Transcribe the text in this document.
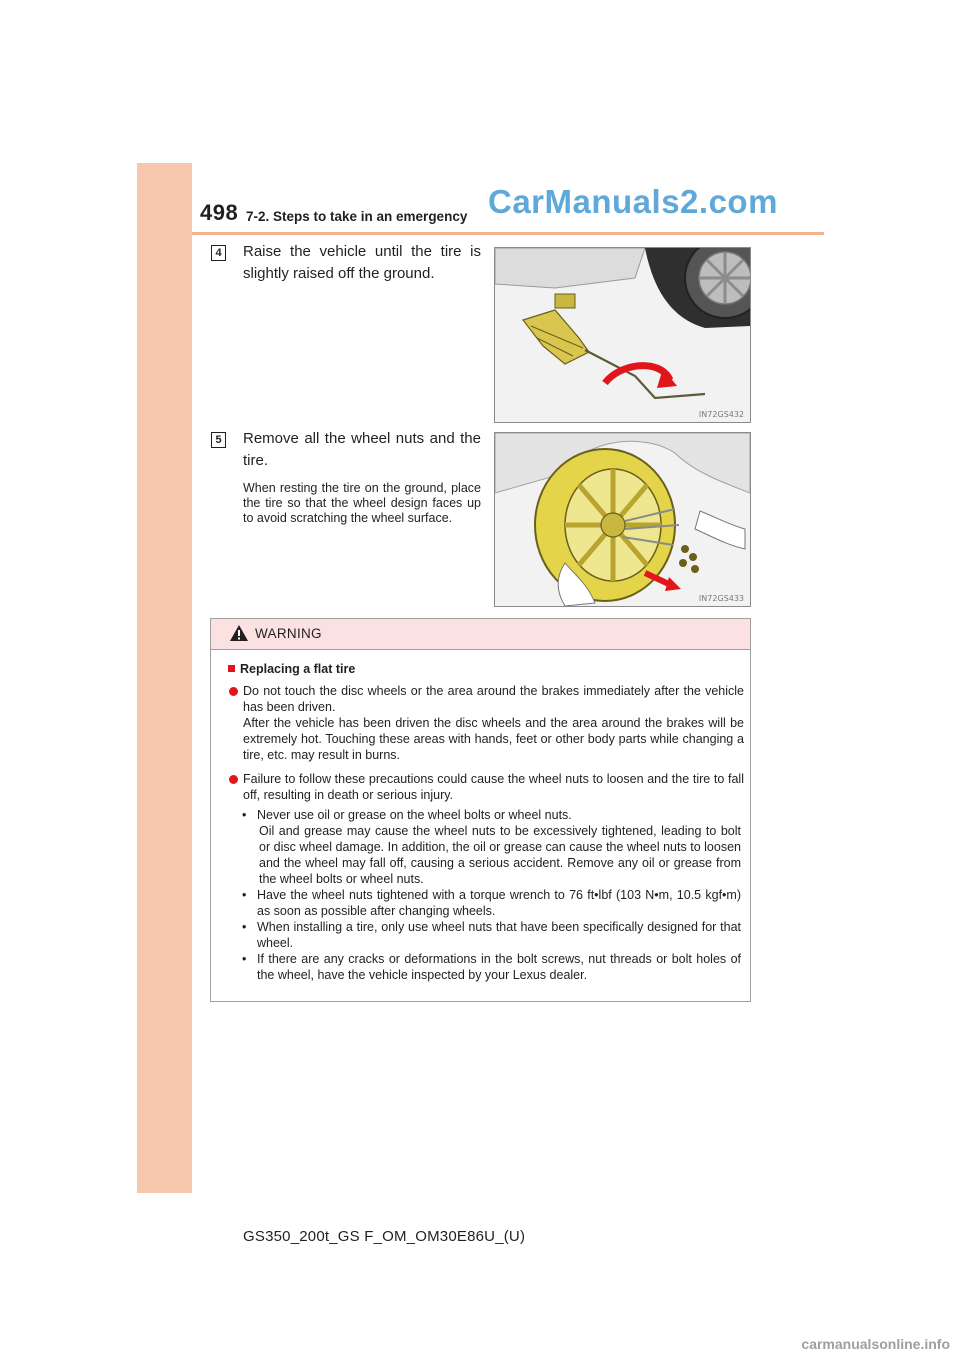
498 7-2. Steps to take in an emergency CarManuals2.com
4 Raise the vehicle until the tire is slightly raised off the ground.
IN72GS432
5 Remove all the wheel nuts and the tire.
When resting the tire on the ground, place the tire so that the wheel design faces up to avoid scratching the wheel surface.
IN72GS433
WARNING
Replacing a flat tire
Do not touch the disc wheels or the area around the brakes immediately after the vehicle has been driven.
After the vehicle has been driven the disc wheels and the area around the brakes will be extremely hot. Touching these areas with hands, feet or other body parts while changing a tire, etc. may result in burns.
Failure to follow these precautions could cause the wheel nuts to loosen and the tire to fall off, resulting in death or serious injury.
• Never use oil or grease on the wheel bolts or wheel nuts.
Oil and grease may cause the wheel nuts to be excessively tightened, leading to bolt or disc wheel damage. In addition, the oil or grease can cause the wheel nuts to loosen and the wheel may fall off, causing a serious accident. Remove any oil or grease from the wheel bolts or wheel nuts.
• Have the wheel nuts tightened with a torque wrench to 76 ft•lbf (103 N•m, 10.5 kgf•m) as soon as possible after changing wheels.
• When installing a tire, only use wheel nuts that have been specifically designed for that wheel.
• If there are any cracks or deformations in the bolt screws, nut threads or bolt holes of the wheel, have the vehicle inspected by your Lexus dealer.
GS350_200t_GS F_OM_OM30E86U_(U)
carmanualsonline.info
